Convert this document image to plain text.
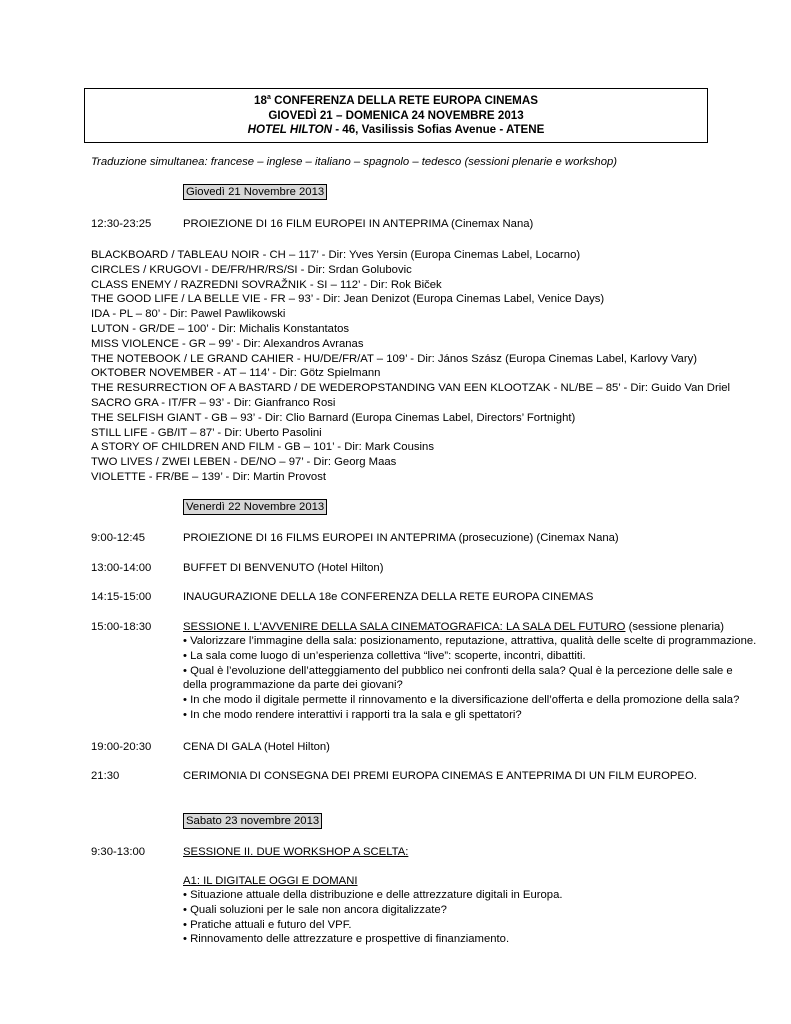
18$^a$ CONFERENZA DELLA RETE EUROPA CINEMAS
GIOVEDÌ 21 – DOMENICA 24 NOVEMBRE 2013
HOTEL HILTON - 46, Vasilissis Sofias Avenue - ATENE
Traduzione simultanea: francese – inglese – italiano – spagnolo – tedesco (sessioni plenarie e workshop)
Giovedì 21 Novembre 2013
12:30-23:25	PROIEZIONE DI 16 FILM EUROPEI IN ANTEPRIMA (Cinemax Nana)
BLACKBOARD / TABLEAU NOIR - CH – 117’ - Dir: Yves Yersin (Europa Cinemas Label, Locarno)
CIRCLES / KRUGOVI - DE/FR/HR/RS/SI - Dir: Srdan Golubovic
CLASS ENEMY / RAZREDNI SOVRAŽNIK - SI – 112’ - Dir: Rok Biček
THE GOOD LIFE / LA BELLE VIE - FR – 93’ - Dir: Jean Denizot (Europa Cinemas Label, Venice Days)
IDA - PL – 80’ - Dir: Pawel Pawlikowski
LUTON - GR/DE – 100’ - Dir: Michalis Konstantatos
MISS VIOLENCE - GR – 99’ - Dir: Alexandros Avranas
THE NOTEBOOK / LE GRAND CAHIER - HU/DE/FR/AT – 109’ - Dir: János Szász (Europa Cinemas Label, Karlovy Vary)
OKTOBER NOVEMBER - AT – 114’ - Dir: Götz Spielmann
THE RESURRECTION OF A BASTARD / DE WEDEROPSTANDING VAN EEN KLOOTZAK - NL/BE – 85’ - Dir: Guido Van Driel
SACRO GRA - IT/FR – 93’ - Dir: Gianfranco Rosi
THE SELFISH GIANT - GB – 93’ - Dir: Clio Barnard (Europa Cinemas Label, Directors’ Fortnight)
STILL LIFE - GB/IT – 87’ - Dir: Uberto Pasolini
A STORY OF CHILDREN AND FILM - GB – 101’ - Dir: Mark Cousins
TWO LIVES / ZWEI LEBEN - DE/NO – 97’ - Dir: Georg Maas
VIOLETTE - FR/BE – 139’ - Dir: Martin Provost
Venerdì 22 Novembre 2013
9:00-12:45	PROIEZIONE DI 16 FILMS EUROPEI IN ANTEPRIMA (prosecuzione) (Cinemax Nana)
13:00-14:00	BUFFET DI BENVENUTO (Hotel Hilton)
14:15-15:00	INAUGURAZIONE DELLA 18e CONFERENZA DELLA RETE EUROPA CINEMAS
15:00-18:30	SESSIONE I. L'AVVENIRE DELLA SALA CINEMATOGRAFICA: LA SALA DEL FUTURO (sessione plenaria)
• Valorizzare l’immagine della sala: posizionamento, reputazione, attrattiva, qualità delle scelte di programmazione.
• La sala come luogo di un’esperienza collettiva “live”: scoperte, incontri, dibattiti.
• Qual è l’evoluzione dell’atteggiamento del pubblico nei confronti della sala? Qual è la percezione delle sale e
della programmazione da parte dei giovani?
• In che modo il digitale permette il rinnovamento e la diversificazione dell’offerta e della promozione della sala?
• In che modo rendere interattivi i rapporti tra la sala e gli spettatori?
19:00-20:30	CENA DI GALA (Hotel Hilton)
21:30	CERIMONIA DI CONSEGNA DEI PREMI EUROPA CINEMAS E ANTEPRIMA DI UN FILM EUROPEO.
Sabato 23 novembre 2013
9:30-13:00	SESSIONE II. DUE WORKSHOP A SCELTA:
A1: IL DIGITALE OGGI E DOMANI
• Situazione attuale della distribuzione e delle attrezzature digitali in Europa.
• Quali soluzioni per le sale non ancora digitalizzate?
• Pratiche attuali e futuro del VPF.
• Rinnovamento delle attrezzature e prospettive di finanziamento.
